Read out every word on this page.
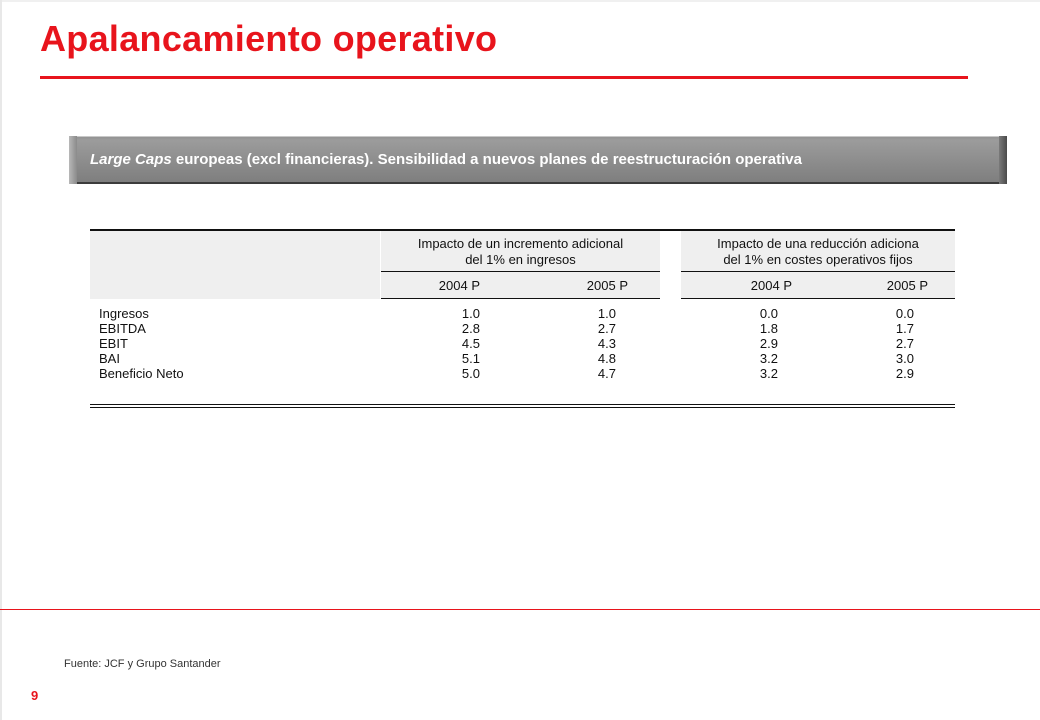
Apalancamiento operativo
Large Caps europeas (excl financieras). Sensibilidad a nuevos planes de reestructuración operativa
Impacto de un incremento adicional
del 1% en ingresos
Impacto de una reducción adiciona
del 1% en costes operativos fijos
2004 P	2005 P	2004 P	2005 P
Ingresos	1.0	1.0	0.0	0.0
EBITDA	2.8	2.7	1.8	1.7
EBIT	4.5	4.3	2.9	2.7
BAI	5.1	4.8	3.2	3.0
Beneficio Neto	5.0	4.7	3.2	2.9
Fuente: JCF y Grupo Santander
9
